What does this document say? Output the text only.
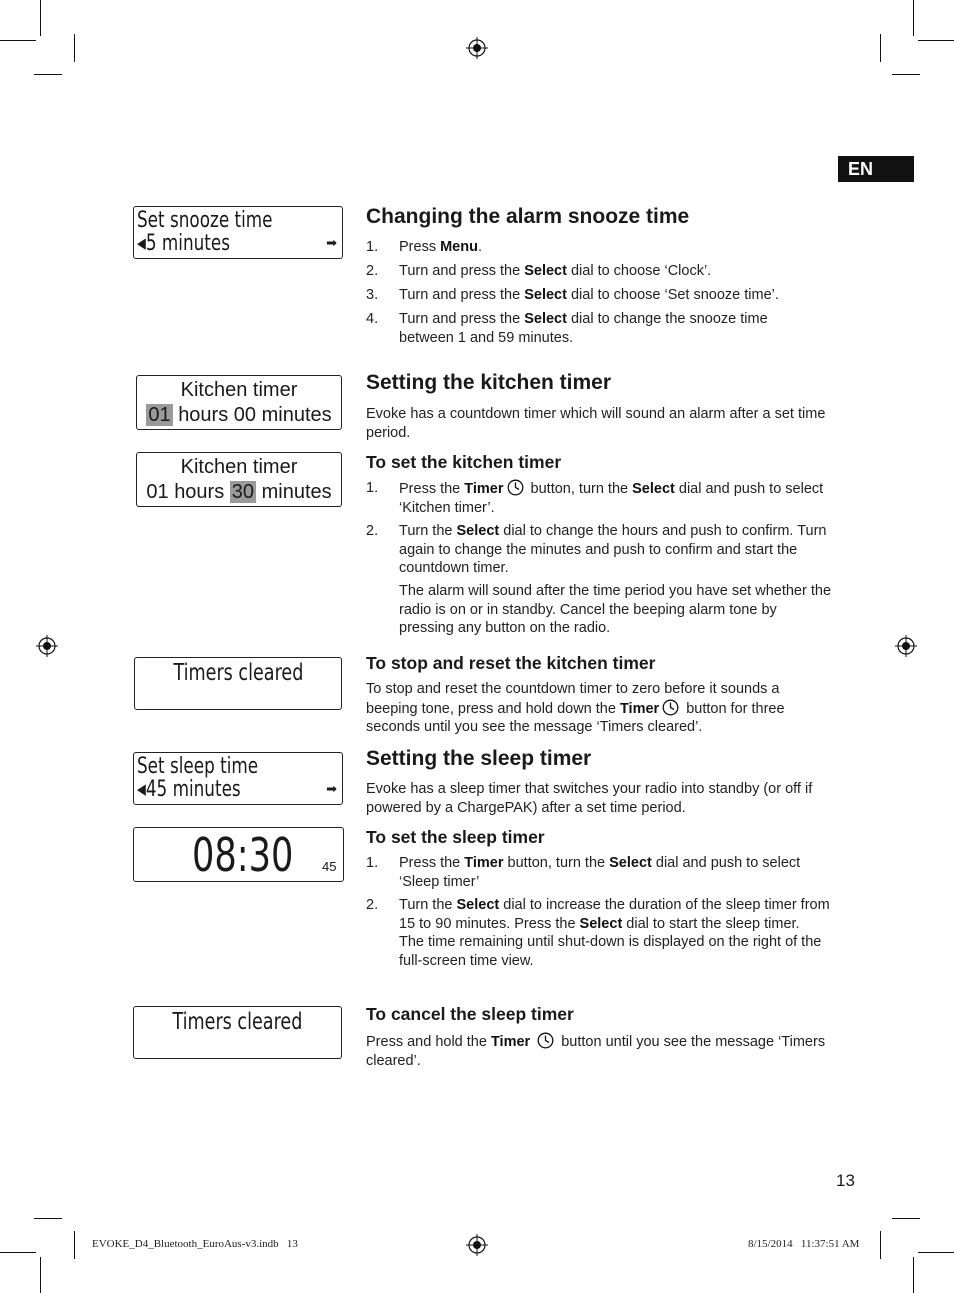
EN
Set snooze time
◀5 minutes	➡
Kitchen timer
01 hours 00 minutes
Kitchen timer
01 hours 30 minutes
Timers cleared
Set sleep time
◀45 minutes	➡
08:30	45
Timers cleared
Changing the alarm snooze time
1. Press Menu.
2. Turn and press the Select dial to choose ‘Clock’.
3. Turn and press the Select dial to choose ‘Set snooze time’.
4. Turn and press the Select dial to change the snooze time between 1 and 59 minutes.
Setting the kitchen timer
Evoke has a countdown timer which will sound an alarm after a set time period.
To set the kitchen timer
1. Press the Timer button, turn the Select dial and push to select ‘Kitchen timer’.
2. Turn the Select dial to change the hours and push to confirm. Turn again to change the minutes and push to confirm and start the countdown timer.
The alarm will sound after the time period you have set whether the radio is on or in standby. Cancel the beeping alarm tone by pressing any button on the radio.
To stop and reset the kitchen timer
To stop and reset the countdown timer to zero before it sounds a beeping tone, press and hold down the Timer button for three seconds until you see the message ‘Timers cleared’.
Setting the sleep timer
Evoke has a sleep timer that switches your radio into standby (or off if powered by a ChargePAK) after a set time period.
To set the sleep timer
1. Press the Timer button, turn the Select dial and push to select ‘Sleep timer’
2. Turn the Select dial to increase the duration of the sleep timer from 15 to 90 minutes. Press the Select dial to start the sleep timer.
The time remaining until shut-down is displayed on the right of the full-screen time view.
To cancel the sleep timer
Press and hold the Timer  button until you see the message ‘Timers cleared’.
13
EVOKE_D4_Bluetooth_EuroAus-v3.indb   13	8/15/2014   11:37:51 AM
